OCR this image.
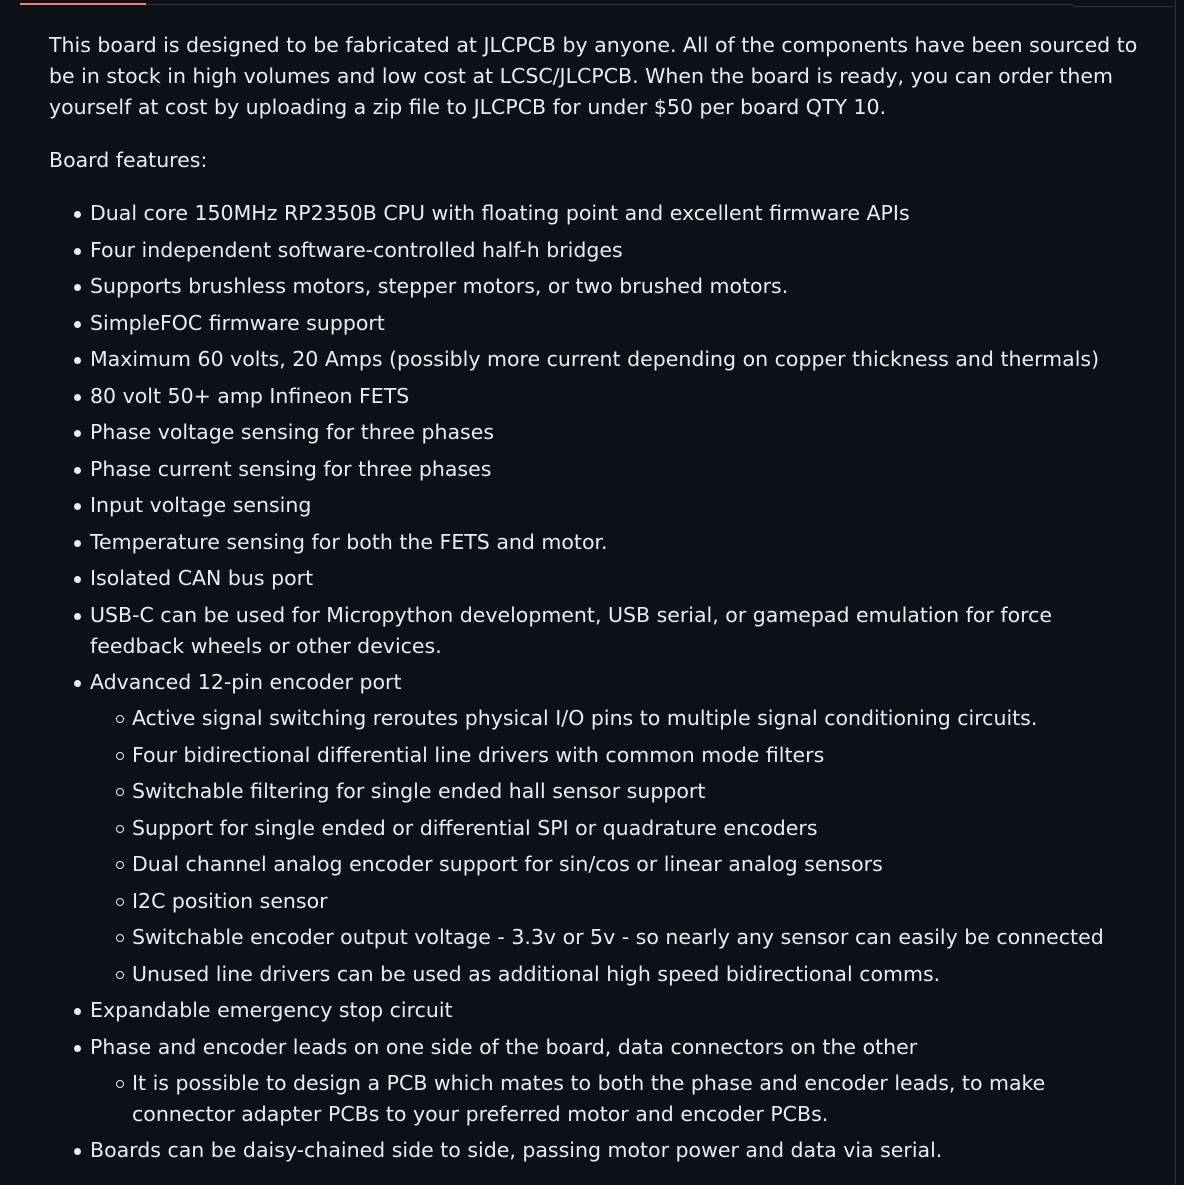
This board is designed to be fabricated at JLCPCB by anyone. All of the components have been sourced to be in stock in high volumes and low cost at LCSC/JLCPCB. When the board is ready, you can order them yourself at cost by uploading a zip file to JLCPCB for under $50 per board QTY 10.

Board features:

Dual core 150MHz RP2350B CPU with floating point and excellent firmware APIs
Four independent software-controlled half-h bridges
Supports brushless motors, stepper motors, or two brushed motors.
SimpleFOC firmware support
Maximum 60 volts, 20 Amps (possibly more current depending on copper thickness and thermals)
80 volt 50+ amp Infineon FETS
Phase voltage sensing for three phases
Phase current sensing for three phases
Input voltage sensing
Temperature sensing for both the FETS and motor.
Isolated CAN bus port
USB-C can be used for Micropython development, USB serial, or gamepad emulation for force feedback wheels or other devices.
Advanced 12-pin encoder port
Active signal switching reroutes physical I/O pins to multiple signal conditioning circuits.
Four bidirectional differential line drivers with common mode filters
Switchable filtering for single ended hall sensor support
Support for single ended or differential SPI or quadrature encoders
Dual channel analog encoder support for sin/cos or linear analog sensors
I2C position sensor
Switchable encoder output voltage - 3.3v or 5v - so nearly any sensor can easily be connected
Unused line drivers can be used as additional high speed bidirectional comms.
Expandable emergency stop circuit
Phase and encoder leads on one side of the board, data connectors on the other
It is possible to design a PCB which mates to both the phase and encoder leads, to make connector adapter PCBs to your preferred motor and encoder PCBs.
Boards can be daisy-chained side to side, passing motor power and data via serial.
